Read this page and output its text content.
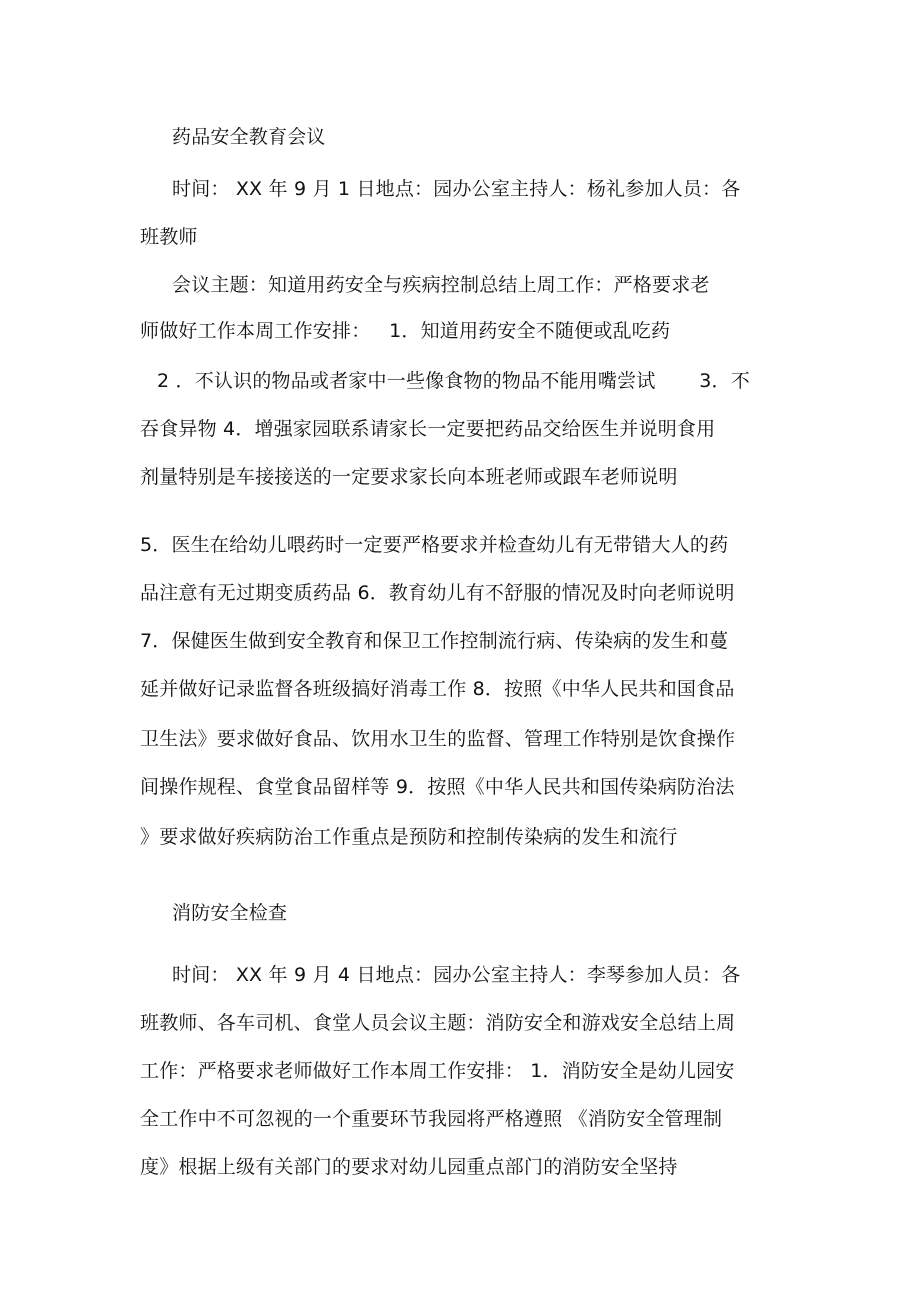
药品安全教育会议
时间： XX 年 9 月 1 日地点：园办公室主持人：杨礼参加人员：各
班教师
会议主题：知道用药安全与疾病控制总结上周工作：严格要求老
师做好工作本周工作安排：   1．知道用药安全不随便或乱吃药
2 ．不认识的物品或者家中一些像食物的物品不能用嘴尝试       3．不
吞食异物 4．增强家园联系请家长一定要把药品交给医生并说明食用
剂量特别是车接接送的一定要求家长向本班老师或跟车老师说明
5．医生在给幼儿喂药时一定要严格要求并检查幼儿有无带错大人的药
品注意有无过期变质药品 6．教育幼儿有不舒服的情况及时向老师说明
7．保健医生做到安全教育和保卫工作控制流行病、传染病的发生和蔓
延并做好记录监督各班级搞好消毒工作 8．按照《中华人民共和国食品
卫生法》要求做好食品、饮用水卫生的监督、管理工作特别是饮食操作
间操作规程、食堂食品留样等 9．按照《中华人民共和国传染病防治法
》要求做好疾病防治工作重点是预防和控制传染病的发生和流行
消防安全检查
时间： XX 年 9 月 4 日地点：园办公室主持人：李琴参加人员：各
班教师、各车司机、食堂人员会议主题：消防安全和游戏安全总结上周
工作：严格要求老师做好工作本周工作安排： 1．消防安全是幼儿园安
全工作中不可忽视的一个重要环节我园将严格遵照 《消防安全管理制
度》根据上级有关部门的要求对幼儿园重点部门的消防安全坚持
